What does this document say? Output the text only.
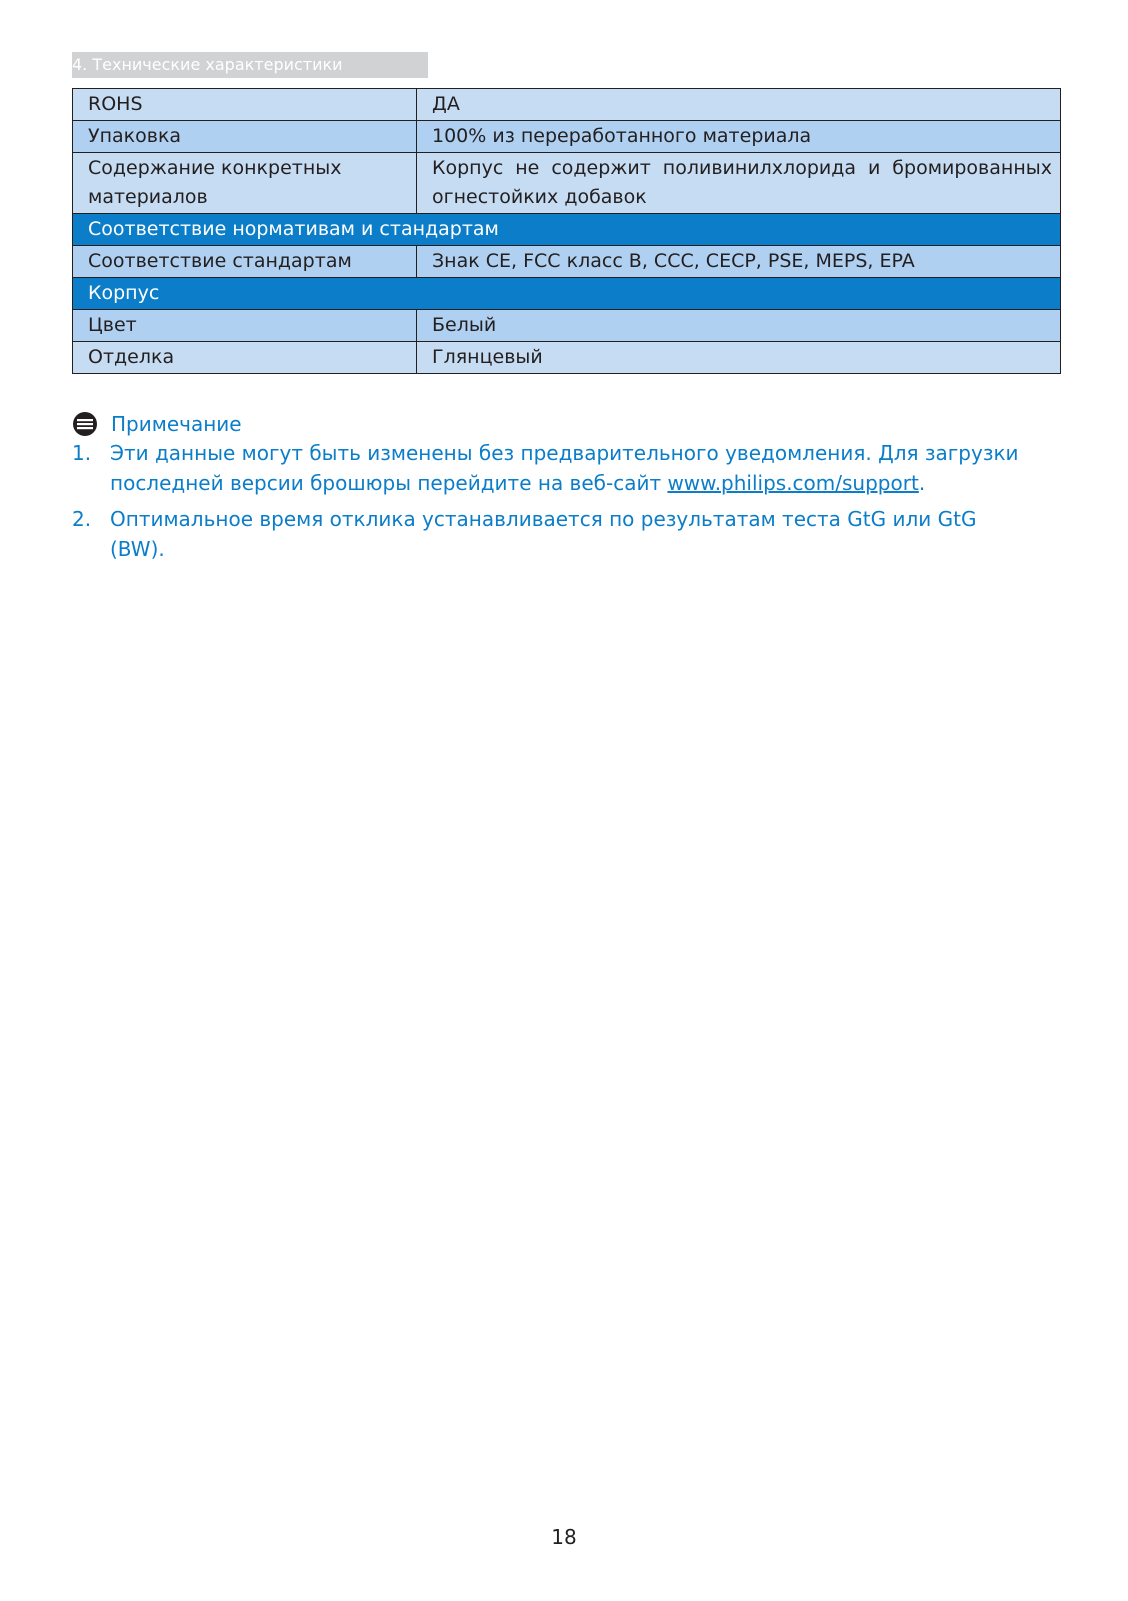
4. Технические характеристики
ROHS	ДА
Упаковка	100% из переработанного материала
Содержание конкретных материалов	Корпус не содержит поливинилхлорида и бромированных огнестойких добавок
Соответствие нормативам и стандартам	
Соответствие стандартам	Знак CE, FCC класс B, CCC, CECP, PSE, MEPS, EPA
Корпус	
Цвет	Белый
Отделка	Глянцевый
Примечание
1. Эти данные могут быть изменены без предварительного уведомления. Для загрузки последней версии брошюры перейдите на веб-сайт www.philips.com/support.
2. Оптимальное время отклика устанавливается по результатам теста GtG или GtG (BW).
18
